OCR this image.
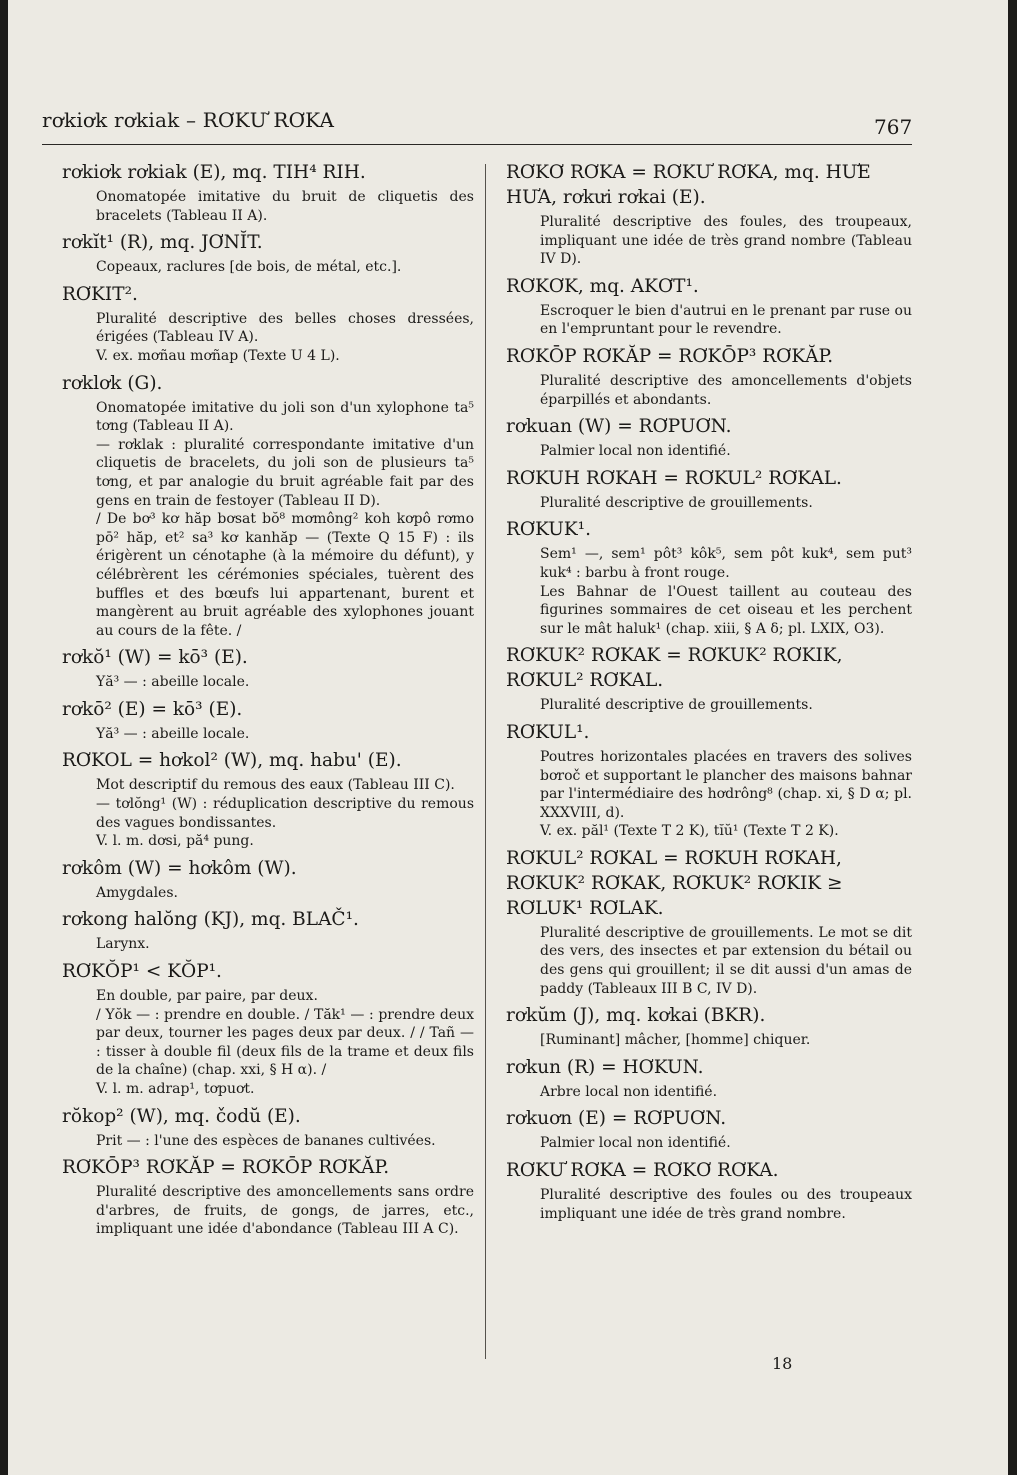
rơkiơk rơkiak – RƠKƯ RƠKA	767
rơkiơk rơkiak (E), mq. TIH⁴ RIH.
Onomatopée imitative du bruit de cliquetis des bracelets (Tableau II A).
rơkĭt¹ (R), mq. JƠNĬT.
Copeaux, raclures [de bois, de métal, etc.].
RƠKIT².
Pluralité descriptive des belles choses dressées, érigées (Tableau IV A).
V. ex. mơñau mơñap (Texte U 4 L).
rơklơk (G).
Onomatopée imitative du joli son d'un xylophone ta⁵ tơng (Tableau II A).
— rơklak : pluralité correspondante imitative d'un cliquetis de bracelets, du joli son de plusieurs ta⁵ tơng, et par analogie du bruit agréable fait par des gens en train de festoyer (Tableau II D).
/ De bơ³ kơ hăp bơsat bŏ⁸ mơmông² koh kơpô rơmo pō² hăp, et² sa³ kơ kanhăp — (Texte Q 15 F) : ils érigèrent un cénotaphe (à la mémoire du défunt), y célébrèrent les cérémonies spéciales, tuèrent des buffles et des bœufs lui appartenant, burent et mangèrent au bruit agréable des xylophones jouant au cours de la fête. /
rơkŏ¹ (W) = kō³ (E).
Yă³ — : abeille locale.
rơkō² (E) = kō³ (E).
Yă³ — : abeille locale.
RƠKOL = hơkol² (W), mq. habu' (E).
Mot descriptif du remous des eaux (Tableau III C).
— tơlŏng¹ (W) : réduplication descriptive du remous des vagues bondissantes.
V. l. m. dơsi, pă⁴ pung.
rơkôm (W) = hơkôm (W).
Amygdales.
rơkong halŏng (KJ), mq. BLAČ¹.
Larynx.
RƠKŎP¹ < KŎP¹.
En double, par paire, par deux.
/ Yŏk — : prendre en double. / Tăk¹ — : prendre deux par deux, tourner les pages deux par deux. / / Tañ — : tisser à double fil (deux fils de la trame et deux fils de la chaîne) (chap. xxi, § H α). /
V. l. m. adrap¹, tơpuơt.
rŏkop² (W), mq. čodŭ (E).
Prit — : l'une des espèces de bananes cultivées.
RƠKŌP³ RƠKĂP = RƠKŌP RƠKĂP.
Pluralité descriptive des amoncellements sans ordre d'arbres, de fruits, de gongs, de jarres, etc., impliquant une idée d'abondance (Tableau III A C).
RƠKƠ RƠKA = RƠKƯ RƠKA, mq. HƯE HƯA, rơkưi rơkai (E).
Pluralité descriptive des foules, des troupeaux, impliquant une idée de très grand nombre (Tableau IV D).
RƠKƠK, mq. AKƠT¹.
Escroquer le bien d'autrui en le prenant par ruse ou en l'empruntant pour le revendre.
RƠKŌP RƠKĂP = RƠKŌP³ RƠKĂP.
Pluralité descriptive des amoncellements d'objets éparpillés et abondants.
rơkuan (W) = RƠPUƠN.
Palmier local non identifié.
RƠKUH RƠKAH = RƠKUL² RƠKAL.
Pluralité descriptive de grouillements.
RƠKUK¹.
Sem¹ —, sem¹ pôt³ kôk⁵, sem pôt kuk⁴, sem put³ kuk⁴ : barbu à front rouge.
Les Bahnar de l'Ouest taillent au couteau des figurines sommaires de cet oiseau et les perchent sur le mât haluk¹ (chap. xiii, § A δ; pl. LXIX, O3).
RƠKUK² RƠKAK = RƠKUK² RƠKIK, RƠKUL² RƠKAL.
Pluralité descriptive de grouillements.
RƠKUL¹.
Poutres horizontales placées en travers des solives bơroč et supportant le plancher des maisons bahnar par l'intermédiaire des hơdrông⁸ (chap. xi, § D α; pl. XXXVIII, d).
V. ex. păl¹ (Texte T 2 K), tĭŭ¹ (Texte T 2 K).
RƠKUL² RƠKAL = RƠKUH RƠKAH, RƠKUK² RƠKAK, RƠKUK² RƠKIK ≥ RƠLUK¹ RƠLAK.
Pluralité descriptive de grouillements. Le mot se dit des vers, des insectes et par extension du bétail ou des gens qui grouillent; il se dit aussi d'un amas de paddy (Tableaux III B C, IV D).
rơkŭm (J), mq. kơkai (BKR).
[Ruminant] mâcher, [homme] chiquer.
rơkun (R) = HƠKUN.
Arbre local non identifié.
rơkuơn (E) = RƠPUƠN.
Palmier local non identifié.
RƠKƯ RƠKA = RƠKƠ RƠKA.
Pluralité descriptive des foules ou des troupeaux impliquant une idée de très grand nombre.
18
